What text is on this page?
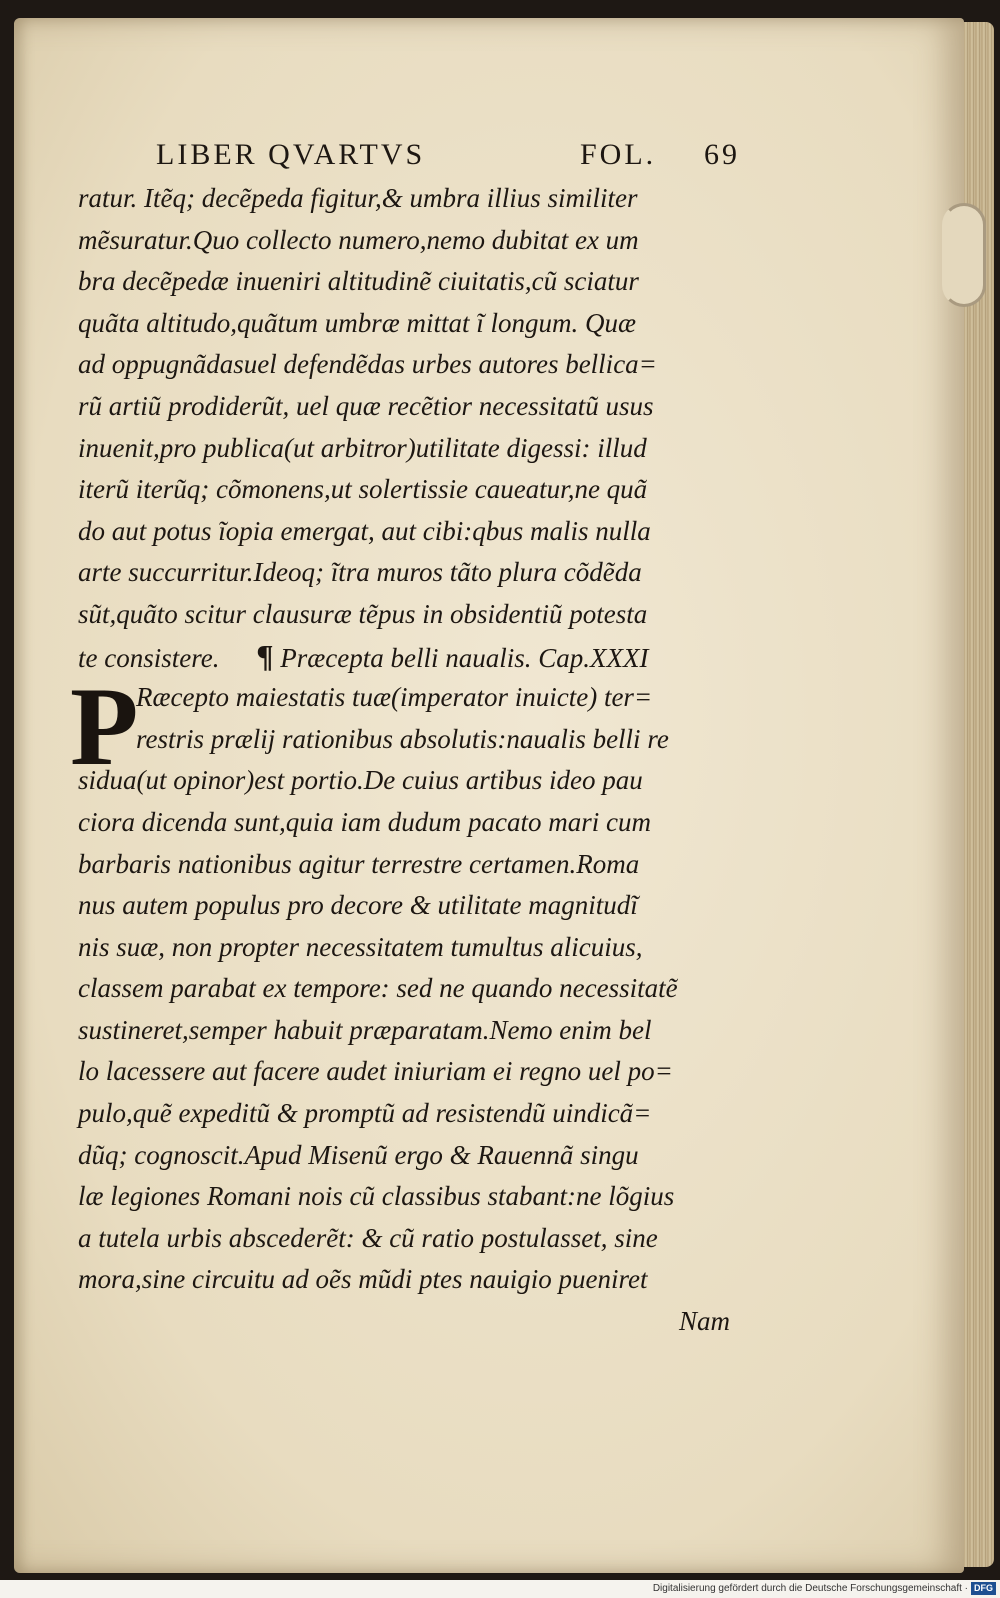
LIBER QVARTVS	FOL. 69
ratur. Itẽq; decẽpeda figitur,& umbra illius similiter
mẽsuratur.Quo collecto numero,nemo dubitat ex um
bra decẽpedæ inueniri altitudinẽ ciuitatis,cũ sciatur
quãta altitudo,quãtum umbræ mittat ĩ longum. Quæ
ad oppugnãdasuel defendẽdas urbes autores bellica=
rũ artiũ prodiderũt, uel quæ recẽtior necessitatũ usus
inuenit,pro publica(ut arbitror)utilitate digessi: illud
iterũ iterũq; cõmonens,ut solertissie caueatur,ne quã
do aut potus ĩopia emergat, aut cibi:qbus malis nulla
arte succurritur.Ideoq; ĩtra muros tãto plura cõdẽda
sũt,quãto scitur clausuræ tẽpus in obsidentiũ potesta
te consistere. ¶ Præcepta belli naualis. Cap.XXXI
P
Ræcepto maiestatis tuæ(imperator inuicte) ter=
restris prælij rationibus absolutis:naualis belli re
sidua(ut opinor)est portio.De cuius artibus ideo pau
ciora dicenda sunt,quia iam dudum pacato mari cum
barbaris nationibus agitur terrestre certamen.Roma
nus autem populus pro decore & utilitate magnitudĩ
nis suæ, non propter necessitatem tumultus alicuius,
classem parabat ex tempore: sed ne quando necessitatẽ
sustineret,semper habuit præparatam.Nemo enim bel
lo lacessere aut facere audet iniuriam ei regno uel po=
pulo,quẽ expeditũ & promptũ ad resistendũ uindicã=
dũq; cognoscit.Apud Misenũ ergo & Rauennã singu
læ legiones Romani nois cũ classibus stabant:ne lõgius
a tutela urbis abscederẽt: & cũ ratio postulasset, sine
mora,sine circuitu ad oẽs mũdi ptes nauigio pueniret
Nam
Digitalisierung gefördert durch die Deutsche Forschungsgemeinschaft · DFG
